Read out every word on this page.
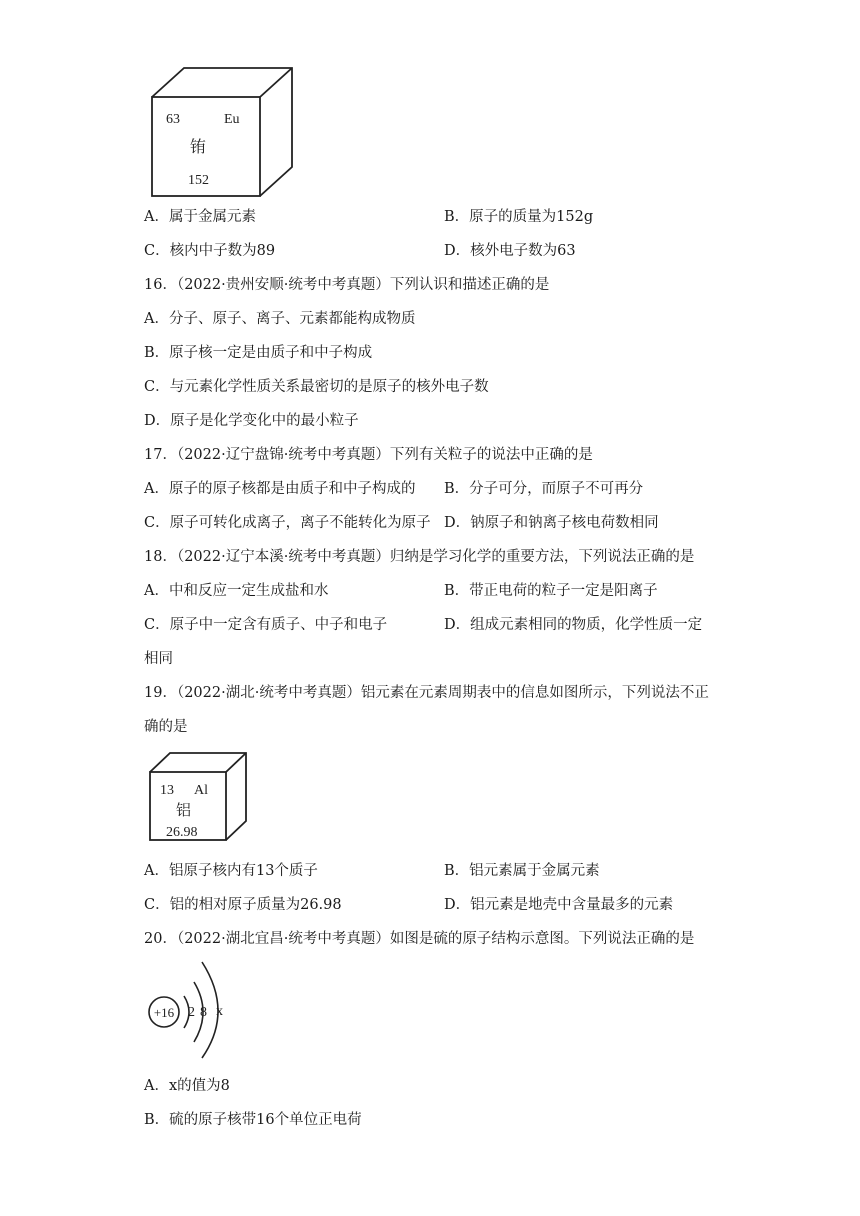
63	Eu
铕
152
A．属于金属元素	B．原子的质量为152g
C．核内中子数为89	D．核外电子数为63
16．（2022·贵州安顺·统考中考真题）下列认识和描述正确的是
A．分子、原子、离子、元素都能构成物质
B．原子核一定是由质子和中子构成
C．与元素化学性质关系最密切的是原子的核外电子数
D．原子是化学变化中的最小粒子
17．（2022·辽宁盘锦·统考中考真题）下列有关粒子的说法中正确的是
A．原子的原子核都是由质子和中子构成的 B．分子可分，而原子不可再分
C．原子可转化成离子，离子不能转化为原子 D．钠原子和钠离子核电荷数相同
18．（2022·辽宁本溪·统考中考真题）归纳是学习化学的重要方法，下列说法正确的是
A．中和反应一定生成盐和水	B．带正电荷的粒子一定是阳离子
C．原子中一定含有质子、中子和电子	D．组成元素相同的物质，化学性质一定
相同
19．（2022·湖北·统考中考真题）铝元素在元素周期表中的信息如图所示，下列说法不正
确的是
13 Al
铝
26.98
A．铝原子核内有13个质子	B．铝元素属于金属元素
C．铝的相对原子质量为26.98	D．铝元素是地壳中含量最多的元素
20．（2022·湖北宜昌·统考中考真题）如图是硫的原子结构示意图。下列说法正确的是
+16 2 8 x
A．x的值为8
B．硫的原子核带16个单位正电荷
